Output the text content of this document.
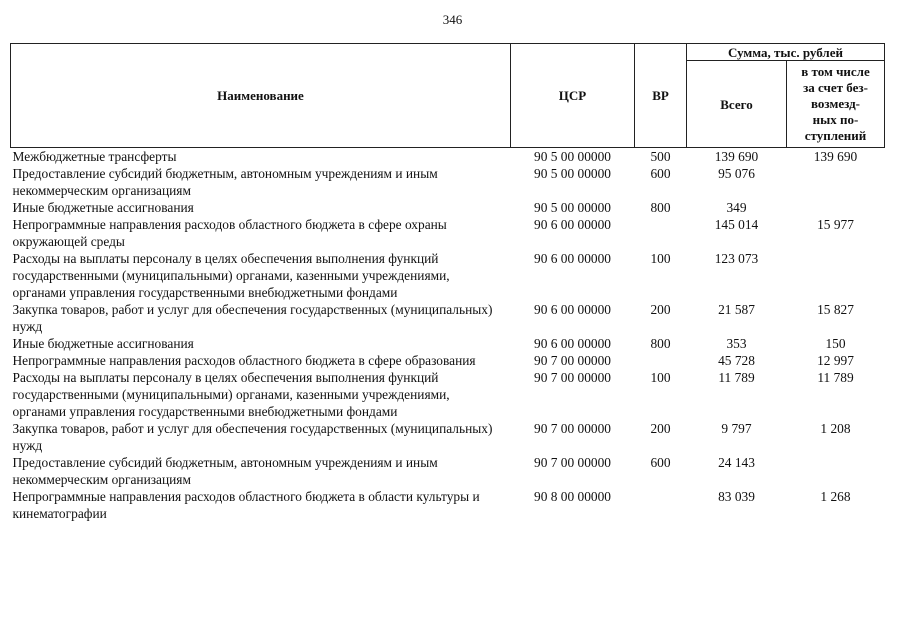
346
Наименование	ЦСР	ВР	Сумма, тыс. рублей	
			Всего	в том числе
за счет без-
возмезд-
ных по-
ступлений

Межбюджетные трансферты	90 5 00 00000	500	139 690	139 690
Предоставление субсидий бюджетным, автономным учреждениям и иным некоммерческим организациям	90 5 00 00000	600	95 076	
Иные бюджетные ассигнования	90 5 00 00000	800	349	
Непрограммные направления расходов областного бюджета в сфере охраны окружающей среды	90 6 00 00000		145 014	15 977
Расходы на выплаты персоналу в целях обеспечения выполнения функций государственными (муниципальными) органами, казенными учреждениями, органами управления государственными внебюджетными фондами	90 6 00 00000	100	123 073	
Закупка товаров, работ и услуг для обеспечения государственных (муниципальных) нужд	90 6 00 00000	200	21 587	15 827
Иные бюджетные ассигнования	90 6 00 00000	800	353	150
Непрограммные направления расходов областного бюджета в сфере образования	90 7 00 00000		45 728	12 997
Расходы на выплаты персоналу в целях обеспечения выполнения функций государственными (муниципальными) органами, казенными учреждениями, органами управления государственными внебюджетными фондами	90 7 00 00000	100	11 789	11 789
Закупка товаров, работ и услуг для обеспечения государственных (муниципальных) нужд	90 7 00 00000	200	9 797	1 208
Предоставление субсидий бюджетным, автономным учреждениям и иным некоммерческим организациям	90 7 00 00000	600	24 143	
Непрограммные направления расходов областного бюджета в области культуры и кинематографии	90 8 00 00000		83 039	1 268
